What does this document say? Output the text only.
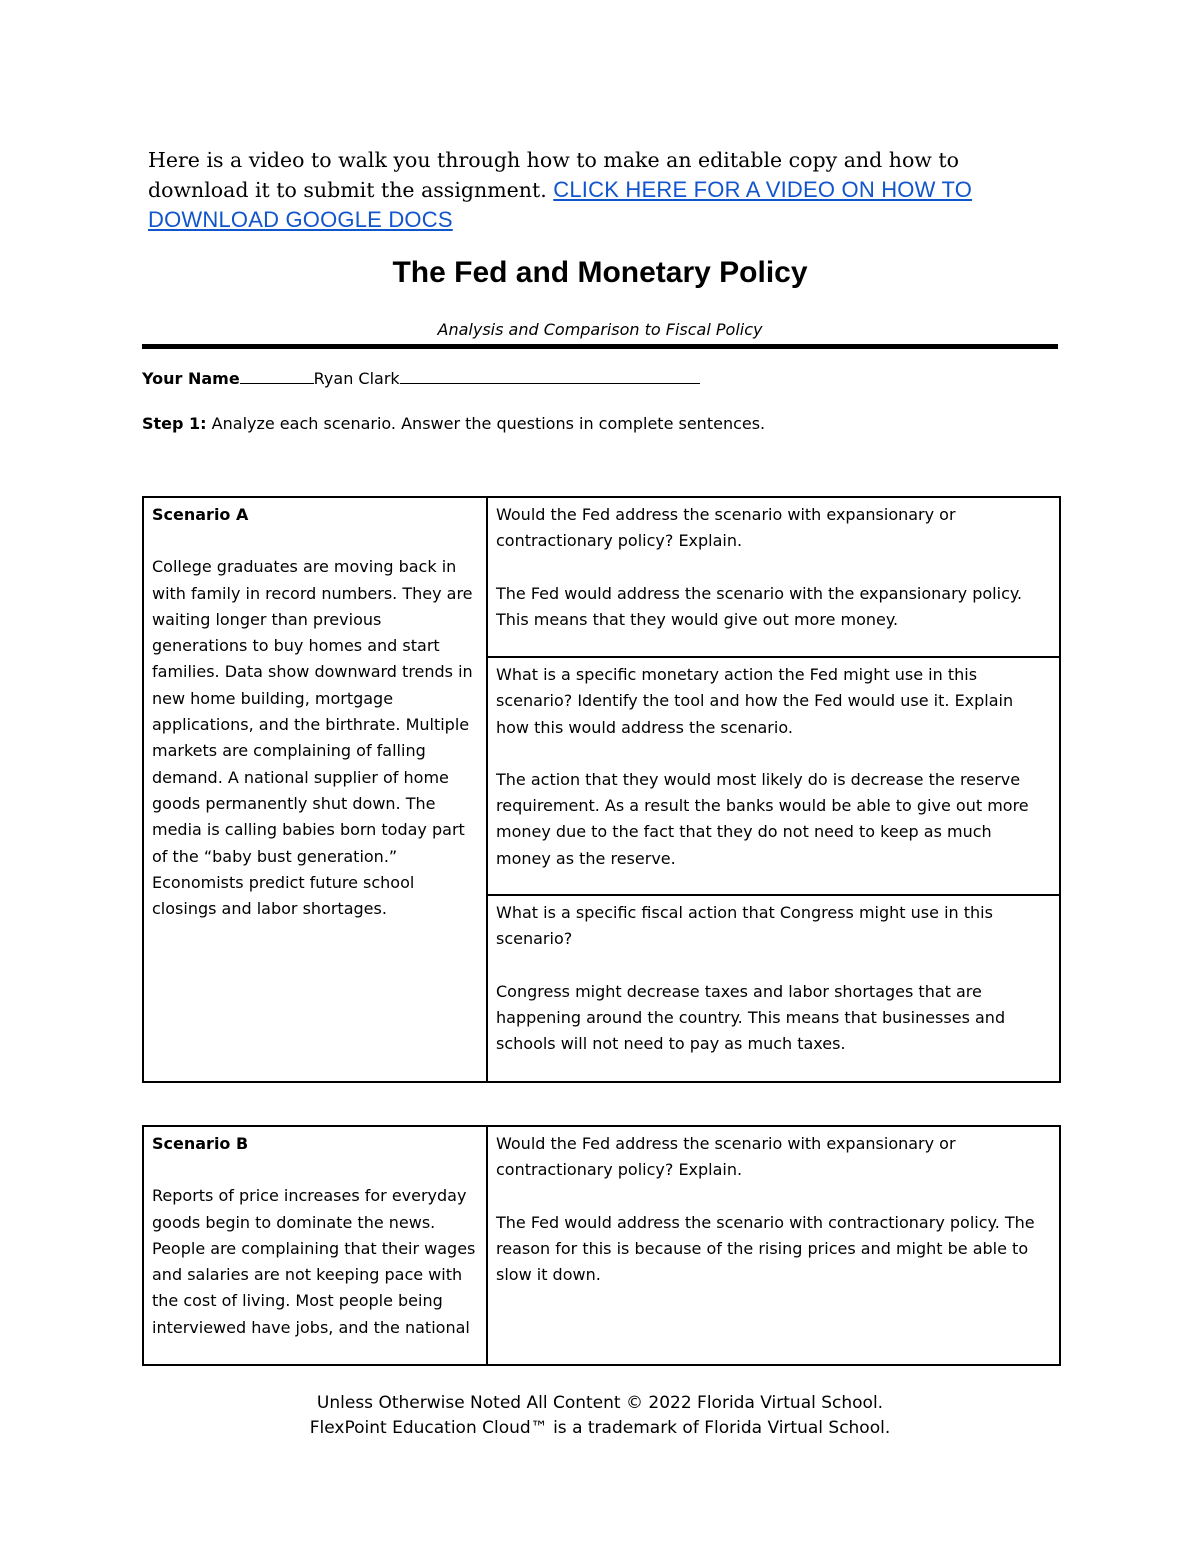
Here is a video to walk you through how to make an editable copy and how to download it to submit the assignment. CLICK HERE FOR A VIDEO ON HOW TO DOWNLOAD GOOGLE DOCS
The Fed and Monetary Policy

Analysis and Comparison to Fiscal Policy

Your Name	Ryan Clark
Step 1: Analyze each scenario. Answer the questions in complete sentences.

Scenario A

College graduates are moving back in with family in record numbers. They are waiting longer than previous generations to buy homes and start families. Data show downward trends in new home building, mortgage applications, and the birthrate. Multiple markets are complaining of falling demand. A national supplier of home goods permanently shut down. The media is calling babies born today part of the “baby bust generation.” Economists predict future school closings and labor shortages.

Would the Fed address the scenario with expansionary or contractionary policy? Explain.

The Fed would address the scenario with the expansionary policy. This means that they would give out more money.

What is a specific monetary action the Fed might use in this scenario? Identify the tool and how the Fed would use it. Explain how this would address the scenario.

The action that they would most likely do is decrease the reserve requirement. As a result the banks would be able to give out more money due to the fact that they do not need to keep as much money as the reserve.

What is a specific fiscal action that Congress might use in this scenario?

Congress might decrease taxes and labor shortages that are happening around the country. This means that businesses and schools will not need to pay as much taxes.

Scenario B

Reports of price increases for everyday goods begin to dominate the news. People are complaining that their wages and salaries are not keeping pace with the cost of living. Most people being interviewed have jobs, and the national

Would the Fed address the scenario with expansionary or contractionary policy? Explain.

The Fed would address the scenario with contractionary policy. The reason for this is because of the rising prices and might be able to slow it down.

Unless Otherwise Noted All Content © 2022 Florida Virtual School.
FlexPoint Education Cloud™ is a trademark of Florida Virtual School.
